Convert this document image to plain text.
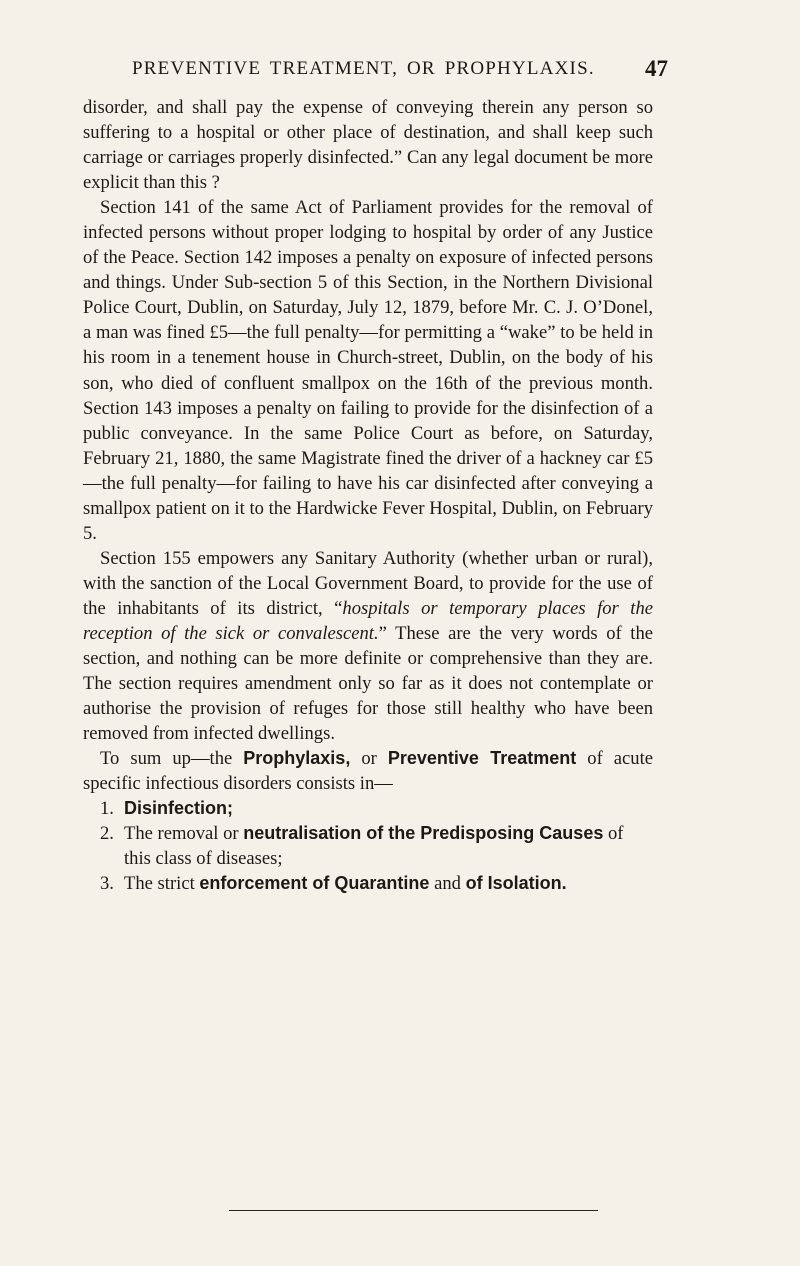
PREVENTIVE TREATMENT, OR PROPHYLAXIS. 47

disorder, and shall pay the expense of conveying therein any person so suffering to a hospital or other place of destination, and shall keep such carriage or carriages properly disinfected.” Can any legal document be more explicit than this ?

Section 141 of the same Act of Parliament provides for the removal of infected persons without proper lodging to hospital by order of any Justice of the Peace. Section 142 imposes a penalty on exposure of infected persons and things. Under Sub-section 5 of this Section, in the Northern Divisional Police Court, Dublin, on Saturday, July 12, 1879, before Mr. C. J. O’Donel, a man was fined £5—the full penalty—for permitting a “wake” to be held in his room in a tenement house in Church-street, Dublin, on the body of his son, who died of confluent smallpox on the 16th of the previous month. Section 143 imposes a penalty on failing to provide for the disinfection of a public conveyance. In the same Police Court as before, on Saturday, February 21, 1880, the same Magistrate fined the driver of a hackney car £5—the full penalty—for failing to have his car disinfected after conveying a smallpox patient on it to the Hardwicke Fever Hospital, Dublin, on February 5.

Section 155 empowers any Sanitary Authority (whether urban or rural), with the sanction of the Local Government Board, to provide for the use of the inhabitants of its district, “hospitals or temporary places for the reception of the sick or convalescent.” These are the very words of the section, and nothing can be more definite or comprehensive than they are. The section requires amendment only so far as it does not contemplate or authorise the provision of refuges for those still healthy who have been removed from infected dwellings.

To sum up—the Prophylaxis, or Preventive Treatment of acute specific infectious disorders consists in—

1. Disinfection;
2. The removal or neutralisation of the Predisposing Causes of this class of diseases;
3. The strict enforcement of Quarantine and of Isolation.
